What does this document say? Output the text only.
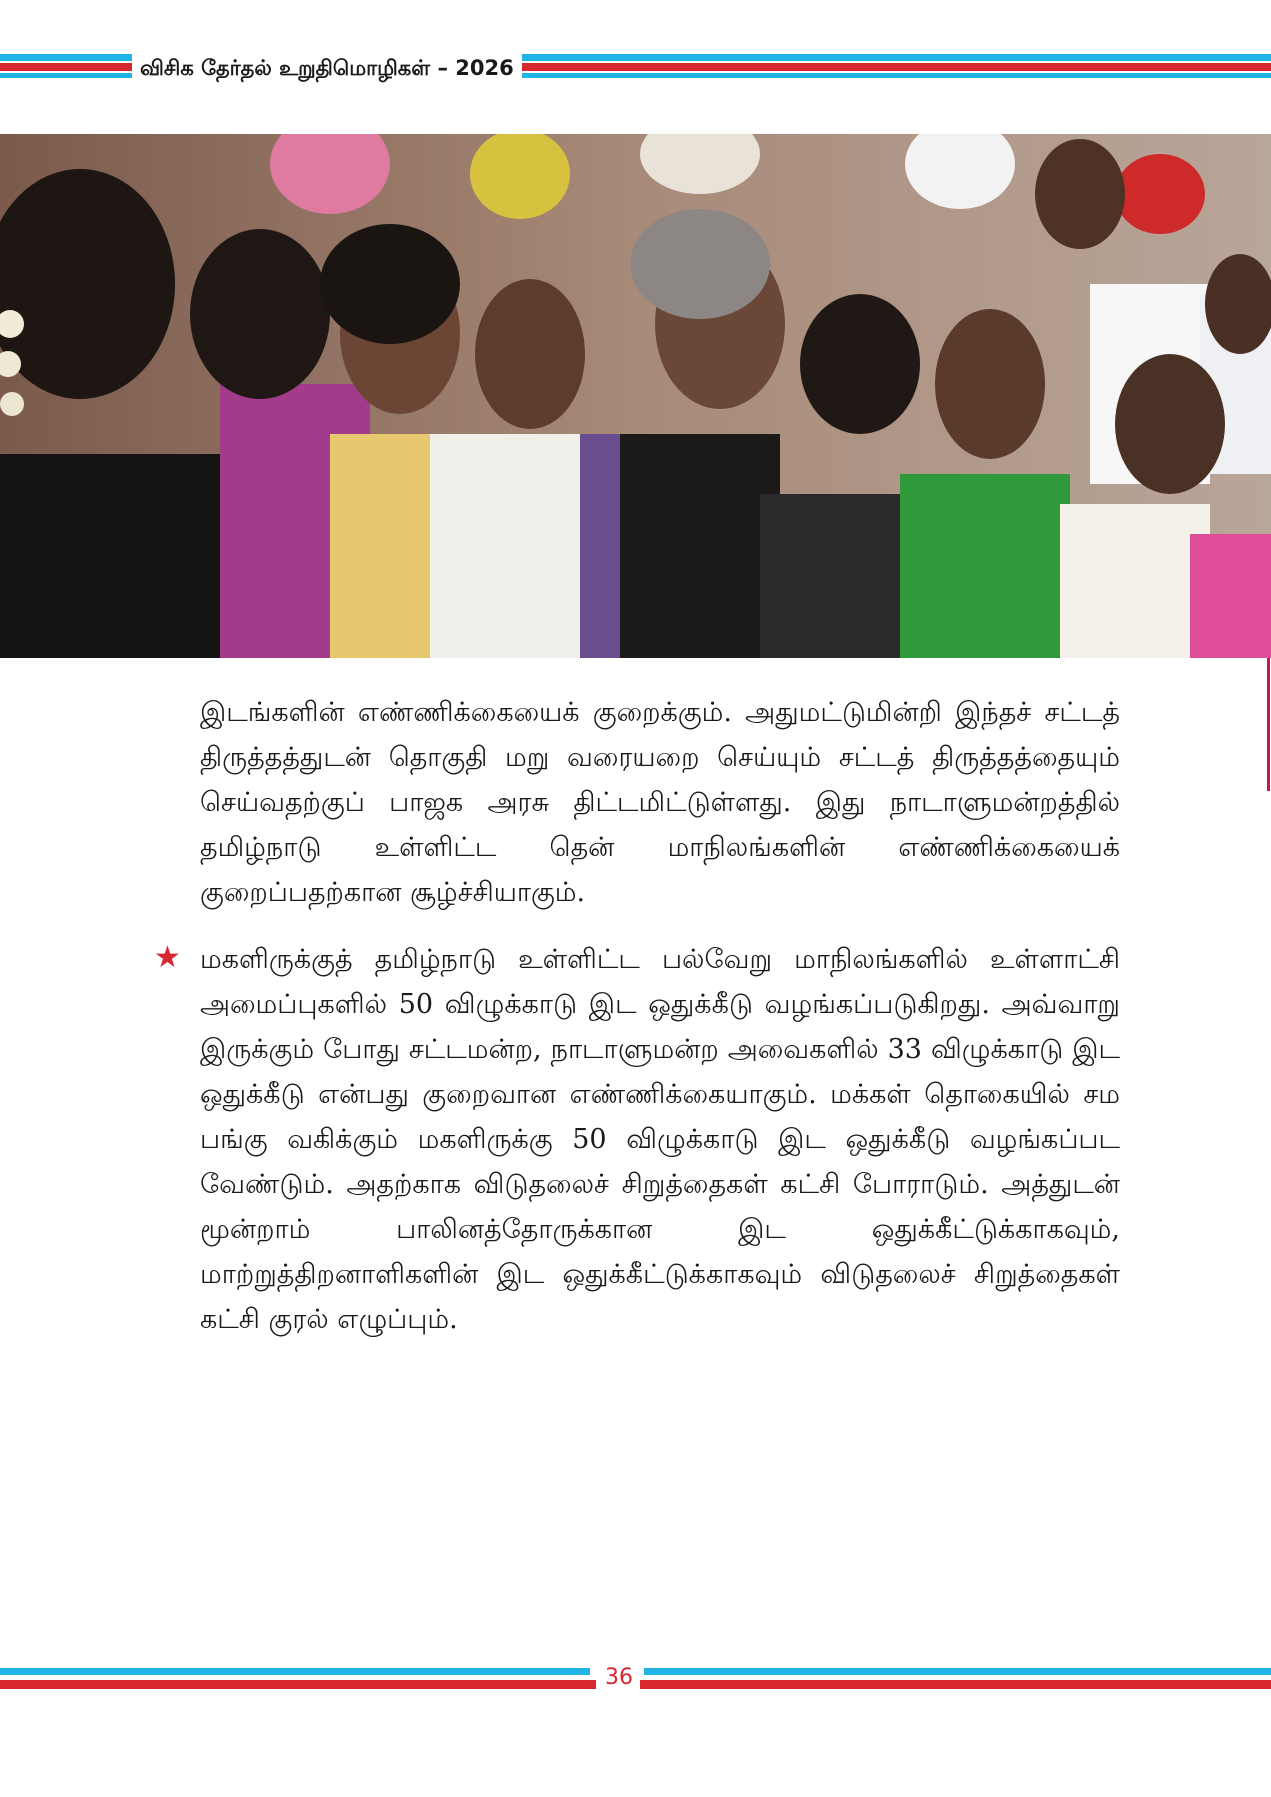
விசிக தேர்தல் உறுதிமொழிகள் – 2026

இடங்களின் எண்ணிக்கையைக் குறைக்கும். அதுமட்டுமின்றி இந்தச் சட்டத் திருத்தத்துடன் தொகுதி மறு வரையறை செய்யும் சட்டத் திருத்தத்தையும் செய்வதற்குப் பாஜக அரசு திட்டமிட்டுள்ளது. இது நாடாளுமன்றத்தில் தமிழ்நாடு உள்ளிட்ட தென் மாநிலங்களின் எண்ணிக்கையைக் குறைப்பதற்கான சூழ்ச்சியாகும்.

★ மகளிருக்குத் தமிழ்நாடு உள்ளிட்ட பல்வேறு மாநிலங்களில் உள்ளாட்சி அமைப்புகளில் 50 விழுக்காடு இட ஒதுக்கீடு வழங்கப்படுகிறது. அவ்வாறு இருக்கும் போது சட்டமன்ற, நாடாளுமன்ற அவைகளில் 33 விழுக்காடு இட ஒதுக்கீடு என்பது குறைவான எண்ணிக்கையாகும். மக்கள் தொகையில் சம பங்கு வகிக்கும் மகளிருக்கு 50 விழுக்காடு இட ஒதுக்கீடு வழங்கப்பட வேண்டும். அதற்காக விடுதலைச் சிறுத்தைகள் கட்சி போராடும். அத்துடன் மூன்றாம் பாலினத்தோருக்கான இட ஒதுக்கீட்டுக்காகவும், மாற்றுத்திறனாளிகளின் இட ஒதுக்கீட்டுக்காகவும் விடுதலைச் சிறுத்தைகள் கட்சி குரல் எழுப்பும்.

36
